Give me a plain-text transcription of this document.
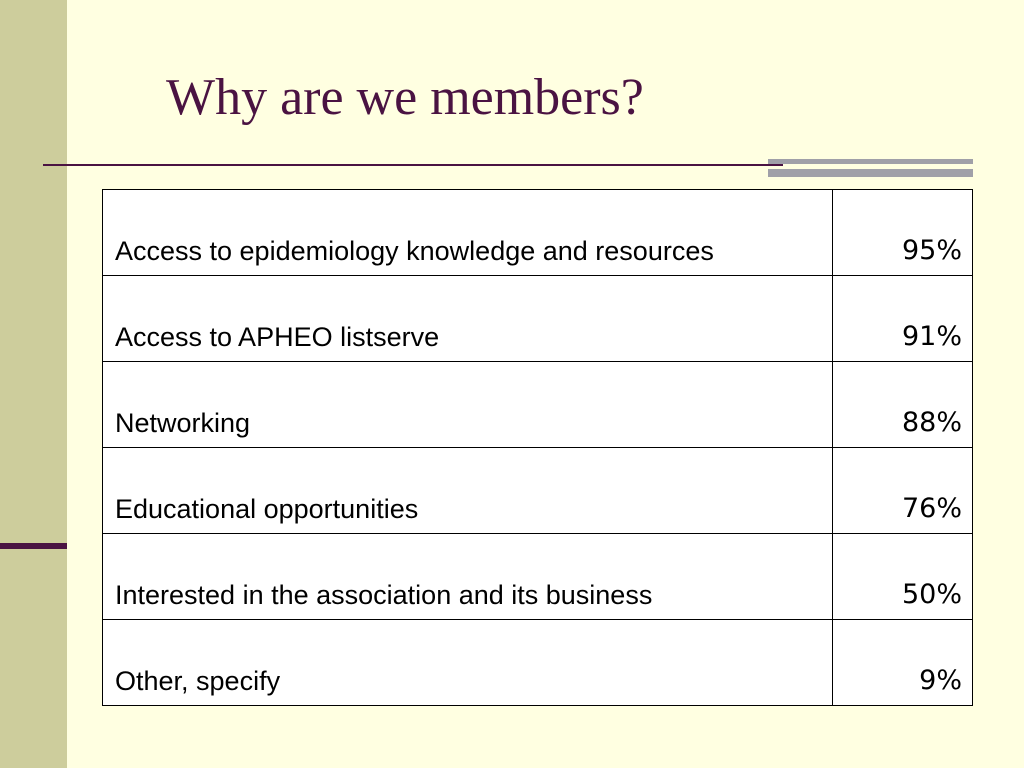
Why are we members?
Access to epidemiology knowledge and resources	95%
Access to APHEO listserve	91%
Networking	88%
Educational opportunities	76%
Interested in the association and its business	50%
Other, specify	9%
